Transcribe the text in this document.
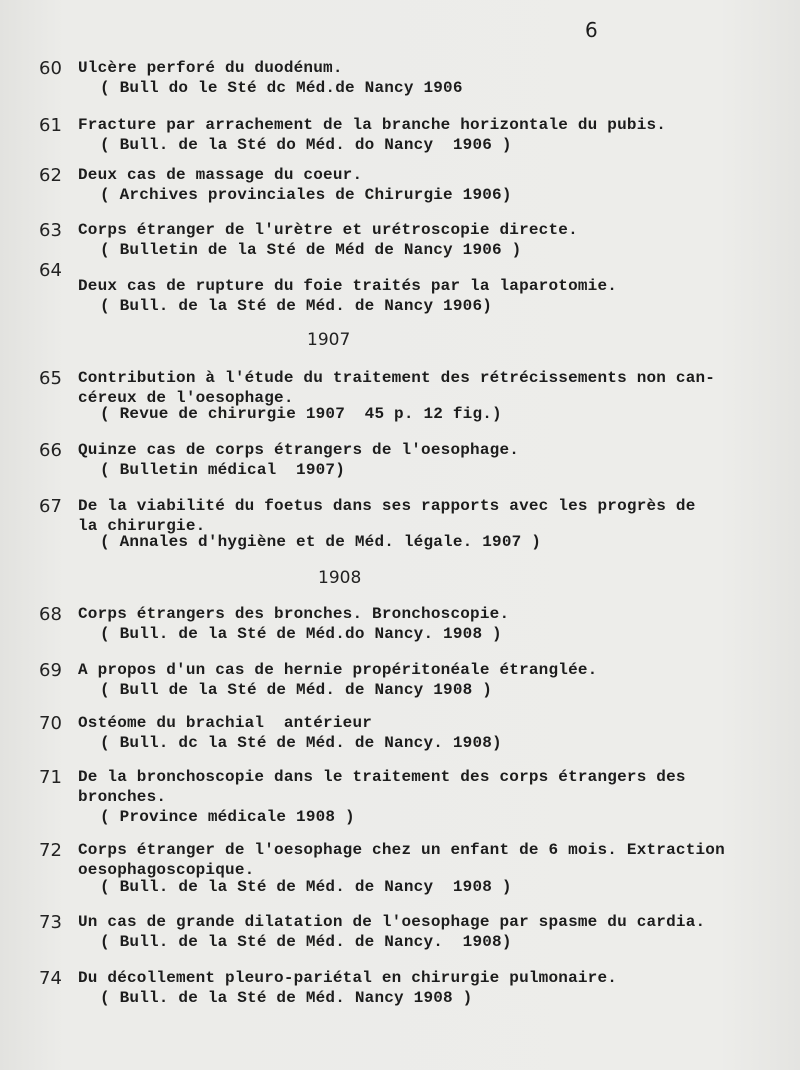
6
60 Ulcère perforé du duodénum.
( Bull do le Sté dc Méd.de Nancy 1906
61 Fracture par arrachement de la branche horizontale du pubis.
( Bull. de la Sté do Méd. do Nancy  1906 )
62 Deux cas de massage du coeur.
( Archives provinciales de Chirurgie 1906)
63 Corps étranger de l'urètre et urétroscopie directe.
( Bulletin de la Sté de Méd de Nancy 1906 )
64
Deux cas de rupture du foie traités par la laparotomie.
( Bull. de la Sté de Méd. de Nancy 1906)
1907
65 Contribution à l'étude du traitement des rétrécissements non can-
céreux de l'oesophage.
( Revue de chirurgie 1907  45 p. 12 fig.)
66 Quinze cas de corps étrangers de l'oesophage.
( Bulletin médical  1907)
67 De la viabilité du foetus dans ses rapports avec les progrès de
la chirurgie.
( Annales d'hygiène et de Méd. légale. 1907 )
1908
68 Corps étrangers des bronches. Bronchoscopie.
( Bull. de la Sté de Méd.do Nancy. 1908 )
69 A propos d'un cas de hernie propéritonéale étranglée.
( Bull de la Sté de Méd. de Nancy 1908 )
70 Ostéome du brachial  antérieur
( Bull. dc la Sté de Méd. de Nancy. 1908)
71 De la bronchoscopie dans le traitement des corps étrangers des
bronches.
( Province médicale 1908 )
72 Corps étranger de l'oesophage chez un enfant de 6 mois. Extraction
oesophagoscopique.
( Bull. de la Sté de Méd. de Nancy  1908 )
73 Un cas de grande dilatation de l'oesophage par spasme du cardia.
( Bull. de la Sté de Méd. de Nancy.  1908)
74 Du décollement pleuro-pariétal en chirurgie pulmonaire.
( Bull. de la Sté de Méd. Nancy 1908 )
